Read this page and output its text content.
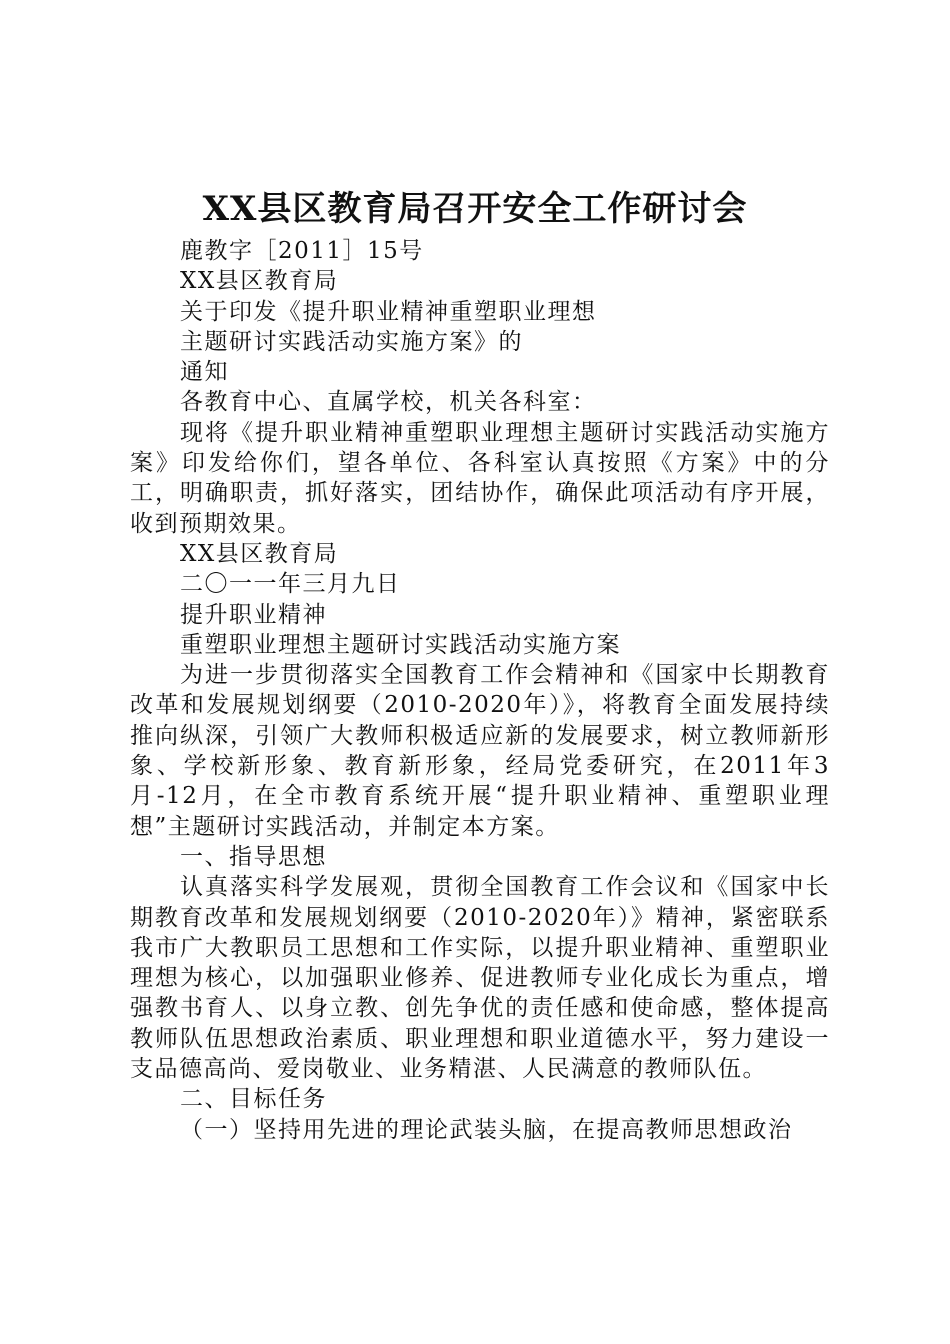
XX县区教育局召开安全工作研讨会

鹿教字［2011］15号

XX县区教育局

关于印发《提升职业精神重塑职业理想

主题研讨实践活动实施方案》的

通知

各教育中心、直属学校，机关各科室：

现将《提升职业精神重塑职业理想主题研讨实践活动实施方案》印发给你们，望各单位、各科室认真按照《方案》中的分工，明确职责，抓好落实，团结协作，确保此项活动有序开展，收到预期效果。

XX县区教育局

二〇一一年三月九日

提升职业精神

重塑职业理想主题研讨实践活动实施方案

为进一步贯彻落实全国教育工作会精神和《国家中长期教育改革和发展规划纲要（2010-2020年）》，将教育全面发展持续推向纵深，引领广大教师积极适应新的发展要求，树立教师新形象、学校新形象、教育新形象，经局党委研究，在2011年3月-12月，在全市教育系统开展“提升职业精神、重塑职业理想”主题研讨实践活动，并制定本方案。

一、指导思想

认真落实科学发展观，贯彻全国教育工作会议和《国家中长期教育改革和发展规划纲要（2010-2020年）》精神，紧密联系我市广大教职员工思想和工作实际，以提升职业精神、重塑职业理想为核心，以加强职业修养、促进教师专业化成长为重点，增强教书育人、以身立教、创先争优的责任感和使命感，整体提高教师队伍思想政治素质、职业理想和职业道德水平，努力建设一支品德高尚、爱岗敬业、业务精湛、人民满意的教师队伍。

二、目标任务

（一）坚持用先进的理论武装头脑，在提高教师思想政治
